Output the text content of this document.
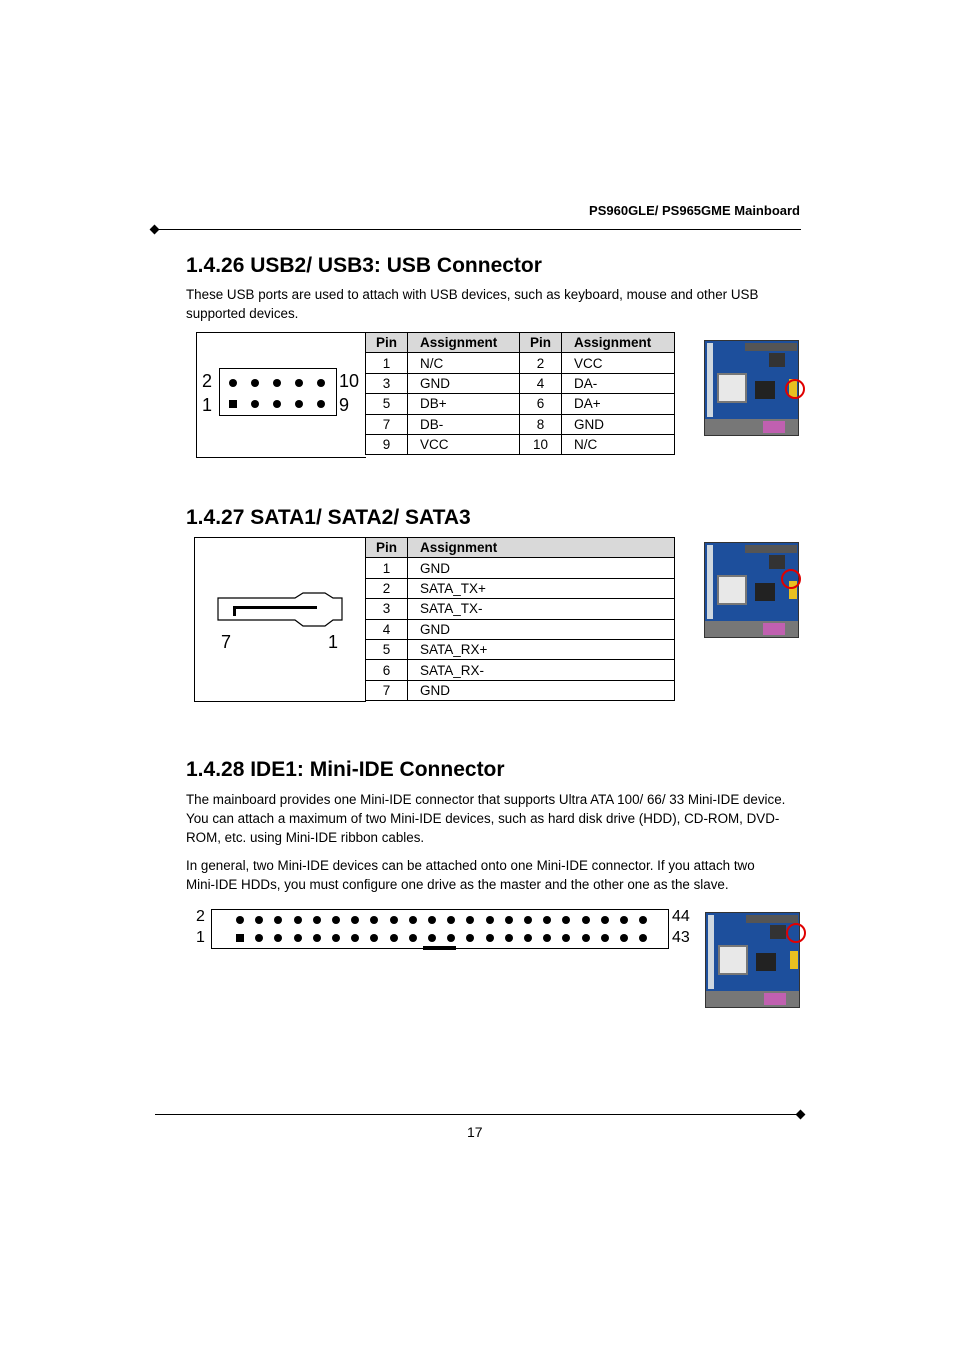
PS960GLE/ PS965GME Mainboard
1.4.26 USB2/ USB3: USB Connector
These USB ports are used to attach with USB devices, such as keyboard, mouse and other USB supported devices.
2
1
10
9
Pin	Assignment	Pin	Assignment
1	N/C	2	VCC
3	GND	4	DA-
5	DB+	6	DA+
7	DB-	8	GND
9	VCC	10	N/C
1.4.27 SATA1/ SATA2/ SATA3
7	1
Pin	Assignment
1	GND
2	SATA_TX+
3	SATA_TX-
4	GND
5	SATA_RX+
6	SATA_RX-
7	GND
1.4.28 IDE1: Mini-IDE Connector
The mainboard provides one Mini-IDE connector that supports Ultra ATA 100/ 66/ 33 Mini-IDE device. You can attach a maximum of two Mini-IDE devices, such as hard disk drive (HDD), CD-ROM, DVD-ROM, etc. using Mini-IDE ribbon cables.
In general, two Mini-IDE devices can be attached onto one Mini-IDE connector. If you attach two Mini-IDE HDDs, you must configure one drive as the master and the other one as the slave.
2
1
44
43
17
